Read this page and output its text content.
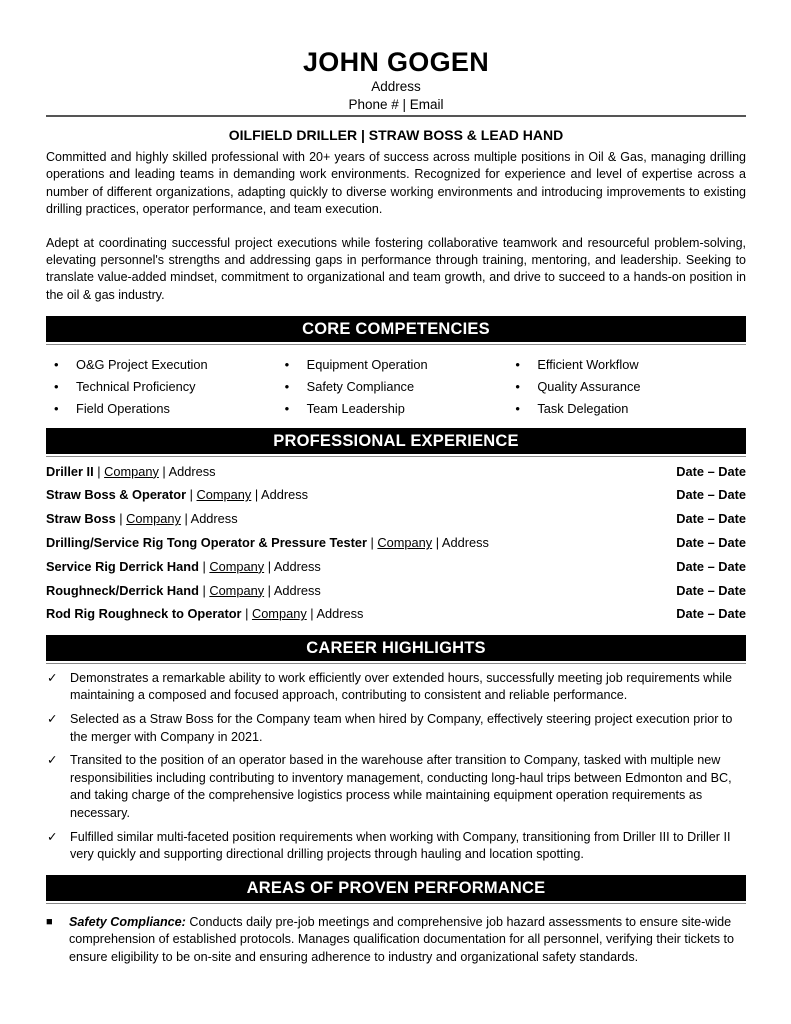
JOHN GOGEN
Address
Phone # | Email
OILFIELD DRILLER | STRAW BOSS & LEAD HAND
Committed and highly skilled professional with 20+ years of success across multiple positions in Oil & Gas, managing drilling operations and leading teams in demanding work environments. Recognized for experience and level of expertise across a number of different organizations, adapting quickly to diverse working environments and introducing improvements to existing drilling practices, operator performance, and team execution.
Adept at coordinating successful project executions while fostering collaborative teamwork and resourceful problem-solving, elevating personnel's strengths and addressing gaps in performance through training, mentoring, and leadership. Seeking to translate value-added mindset, commitment to organizational and team growth, and drive to succeed to a hands-on position in the oil & gas industry.
CORE COMPETENCIES
•	O&G Project Execution
•	Technical Proficiency
•	Field Operations
•	Equipment Operation
•	Safety Compliance
•	Team Leadership
•	Efficient Workflow
•	Quality Assurance
•	Task Delegation
PROFESSIONAL EXPERIENCE
Driller II | Company | Address	Date – Date
Straw Boss & Operator | Company | Address	Date – Date
Straw Boss | Company | Address	Date – Date
Drilling/Service Rig Tong Operator & Pressure Tester | Company | Address	Date – Date
Service Rig Derrick Hand | Company | Address	Date – Date
Roughneck/Derrick Hand | Company | Address	Date – Date
Rod Rig Roughneck to Operator | Company | Address	Date – Date
CAREER HIGHLIGHTS
✓ Demonstrates a remarkable ability to work efficiently over extended hours, successfully meeting job requirements while maintaining a composed and focused approach, contributing to consistent and reliable performance.
✓ Selected as a Straw Boss for the Company team when hired by Company, effectively steering project execution prior to the merger with Company in 2021.
✓ Transited to the position of an operator based in the warehouse after transition to Company, tasked with multiple new responsibilities including contributing to inventory management, conducting long-haul trips between Edmonton and BC, and taking charge of the comprehensive logistics process while maintaining equipment operation requirements as necessary.
✓ Fulfilled similar multi-faceted position requirements when working with Company, transitioning from Driller III to Driller II very quickly and supporting directional drilling projects through hauling and location spotting.
AREAS OF PROVEN PERFORMANCE
■	Safety Compliance: Conducts daily pre-job meetings and comprehensive job hazard assessments to ensure site-wide comprehension of established protocols. Manages qualification documentation for all personnel, verifying their tickets to ensure eligibility to be on-site and ensuring adherence to industry and organizational safety standards.
